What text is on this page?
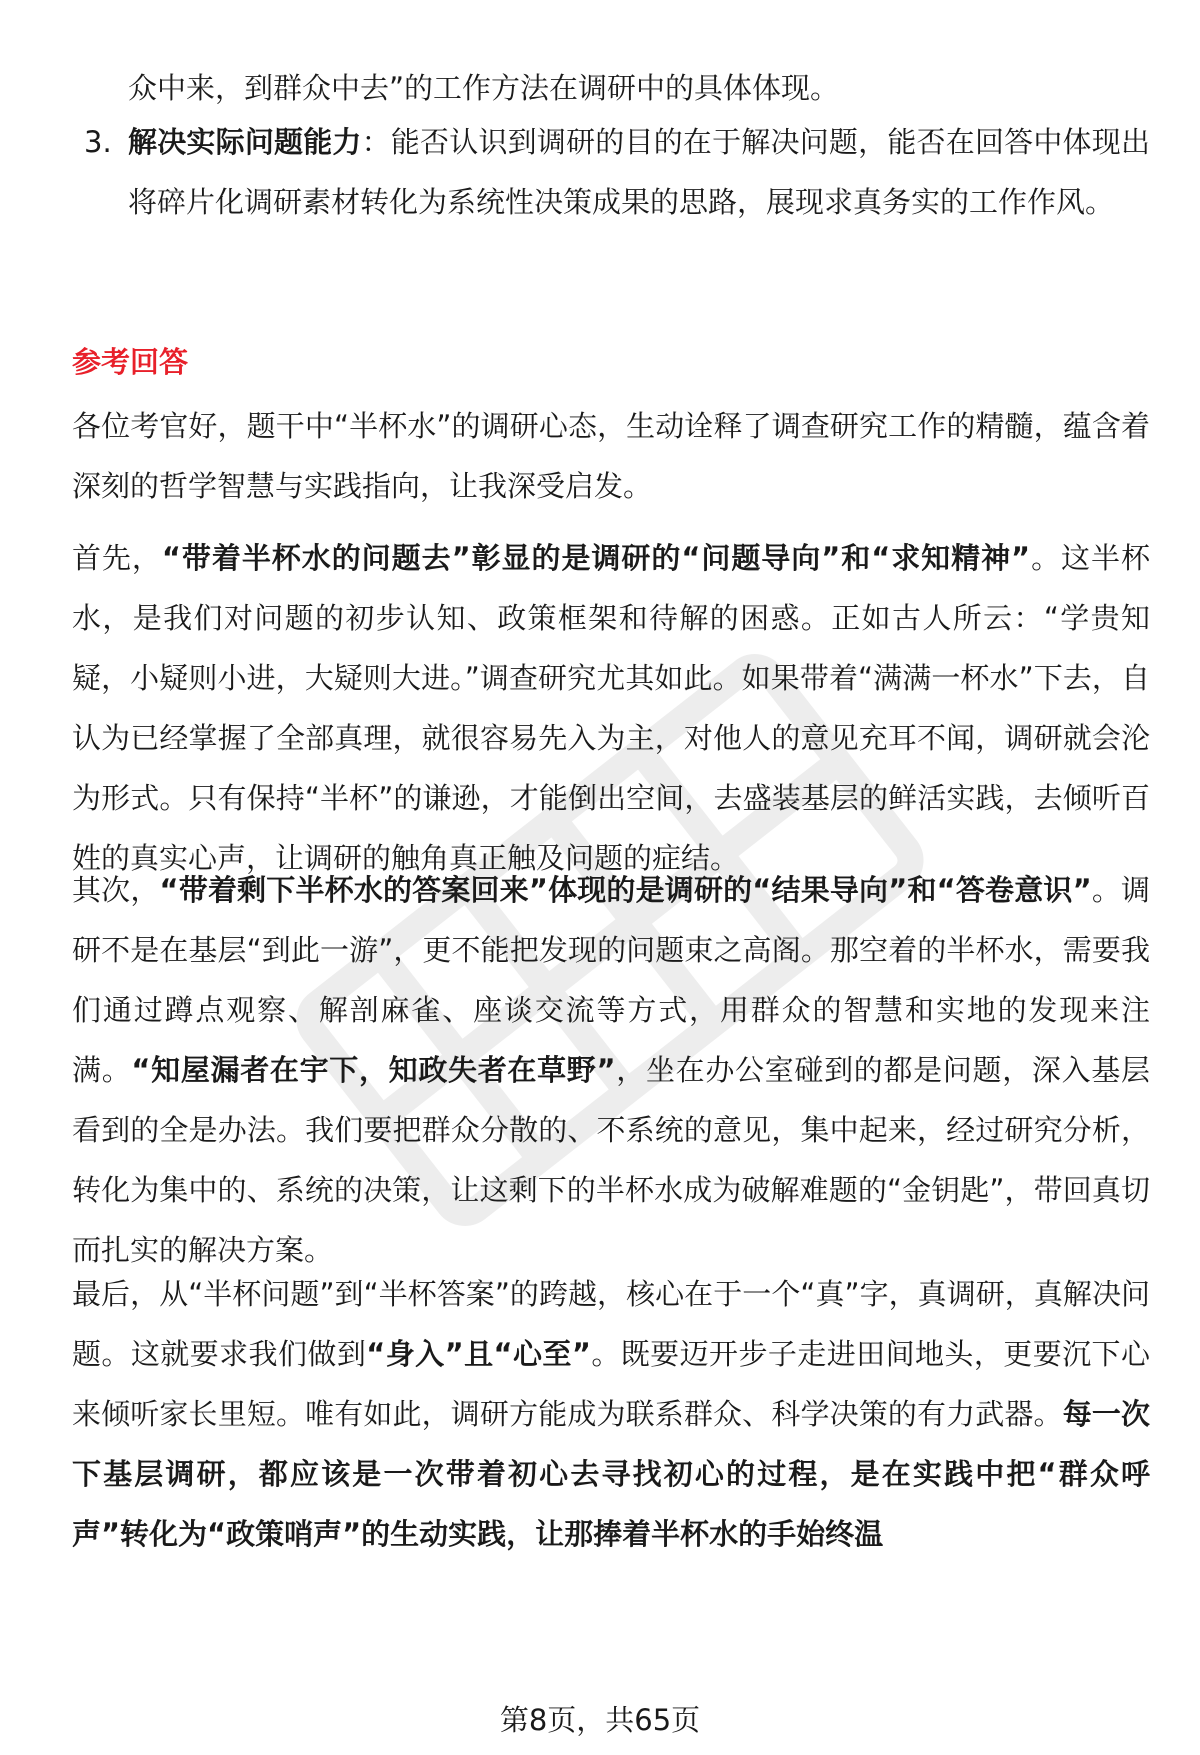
众中来，到群众中去”的工作方法在调研中的具体体现。

3. 解决实际问题能力：能否认识到调研的目的在于解决问题，能否在回答中体现出将碎片化调研素材转化为系统性决策成果的思路，展现求真务实的工作作风。

参考回答

各位考官好，题干中“半杯水”的调研心态，生动诠释了调查研究工作的精髓，蕴含着深刻的哲学智慧与实践指向，让我深受启发。

首先，“带着半杯水的问题去”彰显的是调研的“问题导向”和“求知精神”。这半杯水，是我们对问题的初步认知、政策框架和待解的困惑。正如古人所云：“学贵知疑，小疑则小进，大疑则大进。”调查研究尤其如此。如果带着“满满一杯水”下去，自认为已经掌握了全部真理，就很容易先入为主，对他人的意见充耳不闻，调研就会沦为形式。只有保持“半杯”的谦逊，才能倒出空间，去盛装基层的鲜活实践，去倾听百姓的真实心声，让调研的触角真正触及问题的症结。

其次，“带着剩下半杯水的答案回来”体现的是调研的“结果导向”和“答卷意识”。调研不是在基层“到此一游”，更不能把发现的问题束之高阁。那空着的半杯水，需要我们通过蹲点观察、解剖麻雀、座谈交流等方式，用群众的智慧和实地的发现来注满。“知屋漏者在宇下，知政失者在草野”，坐在办公室碰到的都是问题，深入基层看到的全是办法。我们要把群众分散的、不系统的意见，集中起来，经过研究分析，转化为集中的、系统的决策，让这剩下的半杯水成为破解难题的“金钥匙”，带回真切而扎实的解决方案。

最后，从“半杯问题”到“半杯答案”的跨越，核心在于一个“真”字，真调研，真解决问题。这就要求我们做到“身入”且“心至”。既要迈开步子走进田间地头，更要沉下心来倾听家长里短。唯有如此，调研方能成为联系群众、科学决策的有力武器。每一次下基层调研，都应该是一次带着初心去寻找初心的过程，是在实践中把“群众呼声”转化为“政策哨声”的生动实践，让那捧着半杯水的手始终温

第8页，共65页
